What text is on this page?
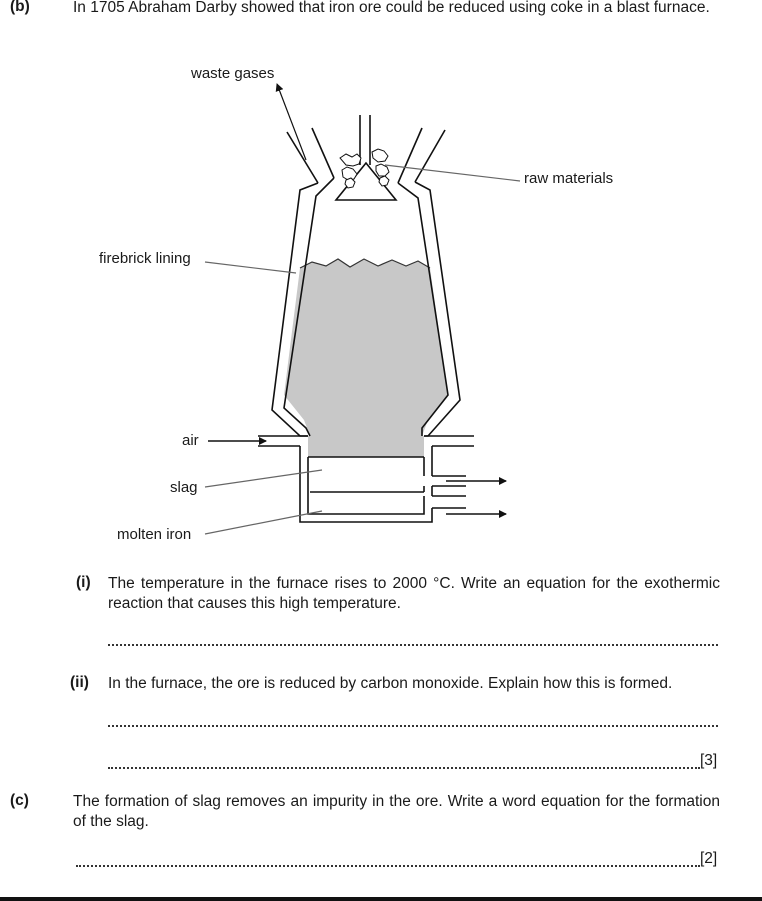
(b)	In 1705 Abraham Darby showed that iron ore could be reduced using coke in a blast furnace.
waste gases
raw materials
firebrick lining
air
slag
molten iron
(i) The temperature in the furnace rises to 2000 °C. Write an equation for the exothermic reaction that causes this high temperature.
(ii) In the furnace, the ore is reduced by carbon monoxide. Explain how this is formed.
[3]
(c)	The formation of slag removes an impurity in the ore. Write a word equation for the formation of the slag.
[2]
